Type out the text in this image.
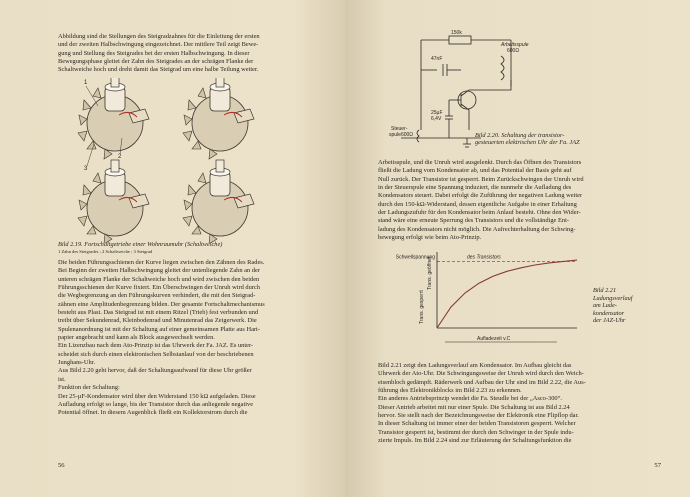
Abbildung sind die Stellungen des Steigradzahnes für die Einleitung der ersten
und der zweiten Halbschwingung eingezeichnet. Der mittlere Teil zeigt Bewe-
gung und Stellung des Steigrades bei der ersten Halbschwingung. In dieser
Bewegungsphase gleitet der Zahn des Steigrades an der schrägen Flanke der
Schaltweiche hoch und dreht damit das Steigrad um eine halbe Teilung weiter.
1
2
3
Bild 2.19. Fortschaltgetriebe einer Wohnraumuhr (Schaltweiche)
1 Zahn des Steigrades ; 2 Schaltweiche ; 3 Steigrad
Die beiden Führungsschienen der Kurve liegen zwischen den Zähnen des Rades.
Bei Beginn der zweiten Halbschwingung gleitet der untenliegende Zahn an der
unteren schrägen Flanke der Schaltweiche hoch und wird zwischen den beiden
Führungsschienen der Kurve fixiert. Ein Überschwingen der Unruh wird durch
die Wegbegrenzung an den Führungskurven verhindert, die mit den Steigrad-
zähnen eine Amplitudenbegrenzung bilden. Der gesamte Fortschaltmechanismus
besteht aus Plast. Das Steigrad ist mit einem Ritzel (Trieb) fest verbunden und
treibt über Sekundenrad, Kleinbodenrad und Minutenrad das Zeigerwerk. Die
Spulenanordnung ist mit der Schaltung auf einer gemeinsamen Platte aus Hart-
papier angebracht und kann als Block ausgewechselt werden.
Ein Lizenzbau nach dem Ato-Prinzip ist das Uhrwerk der Fa. JAZ. Es unter-
scheidet sich durch einen elektronischen Selbstanlauf von der beschriebenen
Junghans-Uhr.
Aus Bild 2.20 geht hervor, daß der Schaltungsaufwand für diese Uhr größer
ist.
Funktion der Schaltung:
Der 25-µF-Kondensator wird über den Widerstand 150 kΩ aufgeladen. Diese
Aufladung erfolgt so lange, bis der Transistor durch das anliegende negative
Potential öffnet. In diesem Augenblick fließt ein Kollektorstrom durch die
56
150k
47nF
Arbeitsspule
600Ω
25µF
6,4V
Steuer-
spule600Ω	Bild 2.20. Schaltung der transistor-
gesteuerten elektrischen Uhr der Fa. JAZ
Arbeitsspule, und die Unruh wird ausgelenkt. Durch das Öffnen des Transistors
fließt die Ladung vom Kondensator ab, und das Potential der Basis geht auf
Null zurück. Der Transistor ist gesperrt. Beim Zurückschwingen der Unruh wird
in der Steuerspule eine Spannung induziert, die nunmehr die Aufladung des
Kondensators steuert. Dabei erfolgt die Zuführung der negativen Ladung weiter
durch den 150-kΩ-Widerstand, dessen eigentliche Aufgabe in einer Erhaltung
der Ladungszufuhr für den Kondensator beim Anlauf besteht. Ohne den Wider-
stand wäre eine erneute Sperrung des Transistors und die vollständige Ent-
ladung des Kondensators nicht möglich. Die Aufrechterhaltung der Schwing-
bewegung erfolgt wie beim Ato-Prinzip.
Schwellspannung
Trans. geöffnet
Trans. gesperrt
des Transistors
Aufladezeit v.C
Bild 2.21
Ladungsverlauf
am Lade-
kondensator
der JAZ-Uhr
Bild 2.21 zeigt den Ladungsverlauf am Kondensator. Im Aufbau gleicht das
Uhrwerk der Ato-Uhr. Die Schwingungsweise der Unruh wird durch den Weich-
eisenbloch gedämpft. Räderwerk und Aufbau der Uhr sind im Bild 2.22, die Aus-
führung des Elektronikblocks im Bild 2.23 zu erkennen.
Ein anderes Antriebsprinzip wendet die Fa. Steudle bei der „Asco-300“.
Dieser Antrieb arbeitet mit nur einer Spule. Die Schaltung ist aus Bild 2.24
hervor. Sie stellt nach der Bezeichnungsweise der Elektronik eine Flipflop dar.
In dieser Schaltung ist immer einer der beiden Transistoren gesperrt. Welcher
Transistor gesperrt ist, bestimmt der durch den Schwinger in der Spule indu-
zierte Impuls. Im Bild 2.24 sind zur Erläuterung der Schaltungsfunktion die
57
